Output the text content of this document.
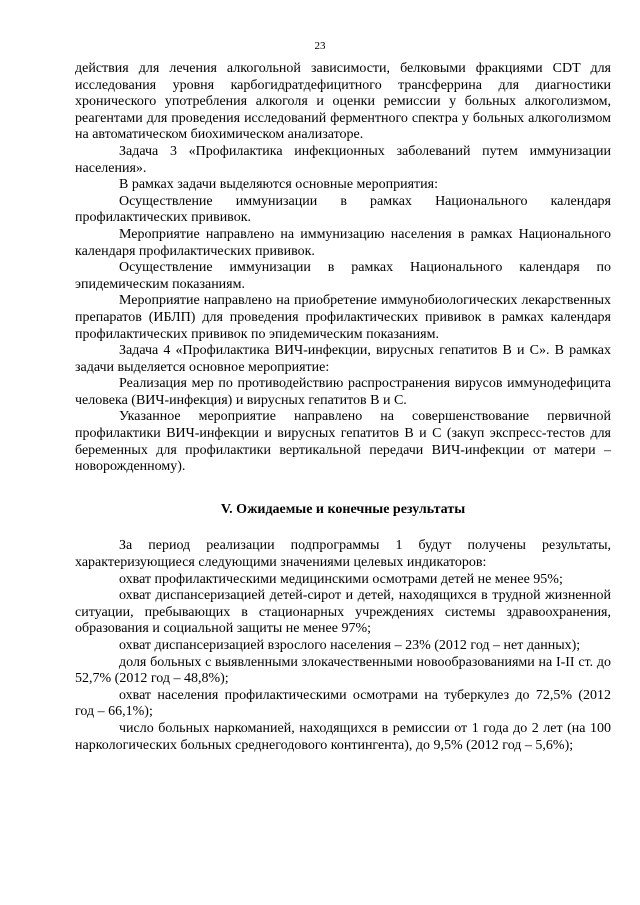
23

действия для лечения алкогольной зависимости, белковыми фракциями CDT для исследования уровня карбогидратдефицитного трансферрина для диагностики хронического употребления алкоголя и оценки ремиссии у больных алкоголизмом, реагентами для проведения исследований ферментного спектра у больных алкоголизмом на автоматическом биохимическом анализаторе.

Задача 3 «Профилактика инфекционных заболеваний путем иммунизации населения».

В рамках задачи выделяются основные мероприятия:

Осуществление иммунизации в рамках Национального календаря профилактических прививок.

Мероприятие направлено на иммунизацию населения в рамках Национального календаря профилактических прививок.

Осуществление иммунизации в рамках Национального календаря по эпидемическим показаниям.

Мероприятие направлено на приобретение иммунобиологических лекарственных препаратов (ИБЛП) для проведения профилактических прививок в рамках календаря профилактических прививок по эпидемическим показаниям.

Задача 4 «Профилактика ВИЧ-инфекции, вирусных гепатитов В и С». В рамках задачи выделяется основное мероприятие:

Реализация мер по противодействию распространения вирусов иммунодефицита человека (ВИЧ-инфекция) и вирусных гепатитов В и С.

Указанное мероприятие направлено на совершенствование первичной профилактики ВИЧ-инфекции и вирусных гепатитов В и С (закуп экспресс-тестов для беременных для профилактики вертикальной передачи ВИЧ-инфекции от матери – новорожденному).

V. Ожидаемые и конечные результаты

За период реализации подпрограммы 1 будут получены результаты, характеризующиеся следующими значениями целевых индикаторов:

охват профилактическими медицинскими осмотрами детей не менее 95%;

охват диспансеризацией детей-сирот и детей, находящихся в трудной жизненной ситуации, пребывающих в стационарных учреждениях системы здравоохранения, образования и социальной защиты не менее 97%;

охват диспансеризацией взрослого населения – 23% (2012 год – нет данных);

доля больных с выявленными злокачественными новообразованиями на I-II ст. до 52,7% (2012 год – 48,8%);

охват населения профилактическими осмотрами на туберкулез до 72,5% (2012 год – 66,1%);

число больных наркоманией, находящихся в ремиссии от 1 года до 2 лет (на 100 наркологических больных среднегодового контингента), до 9,5% (2012 год – 5,6%);
